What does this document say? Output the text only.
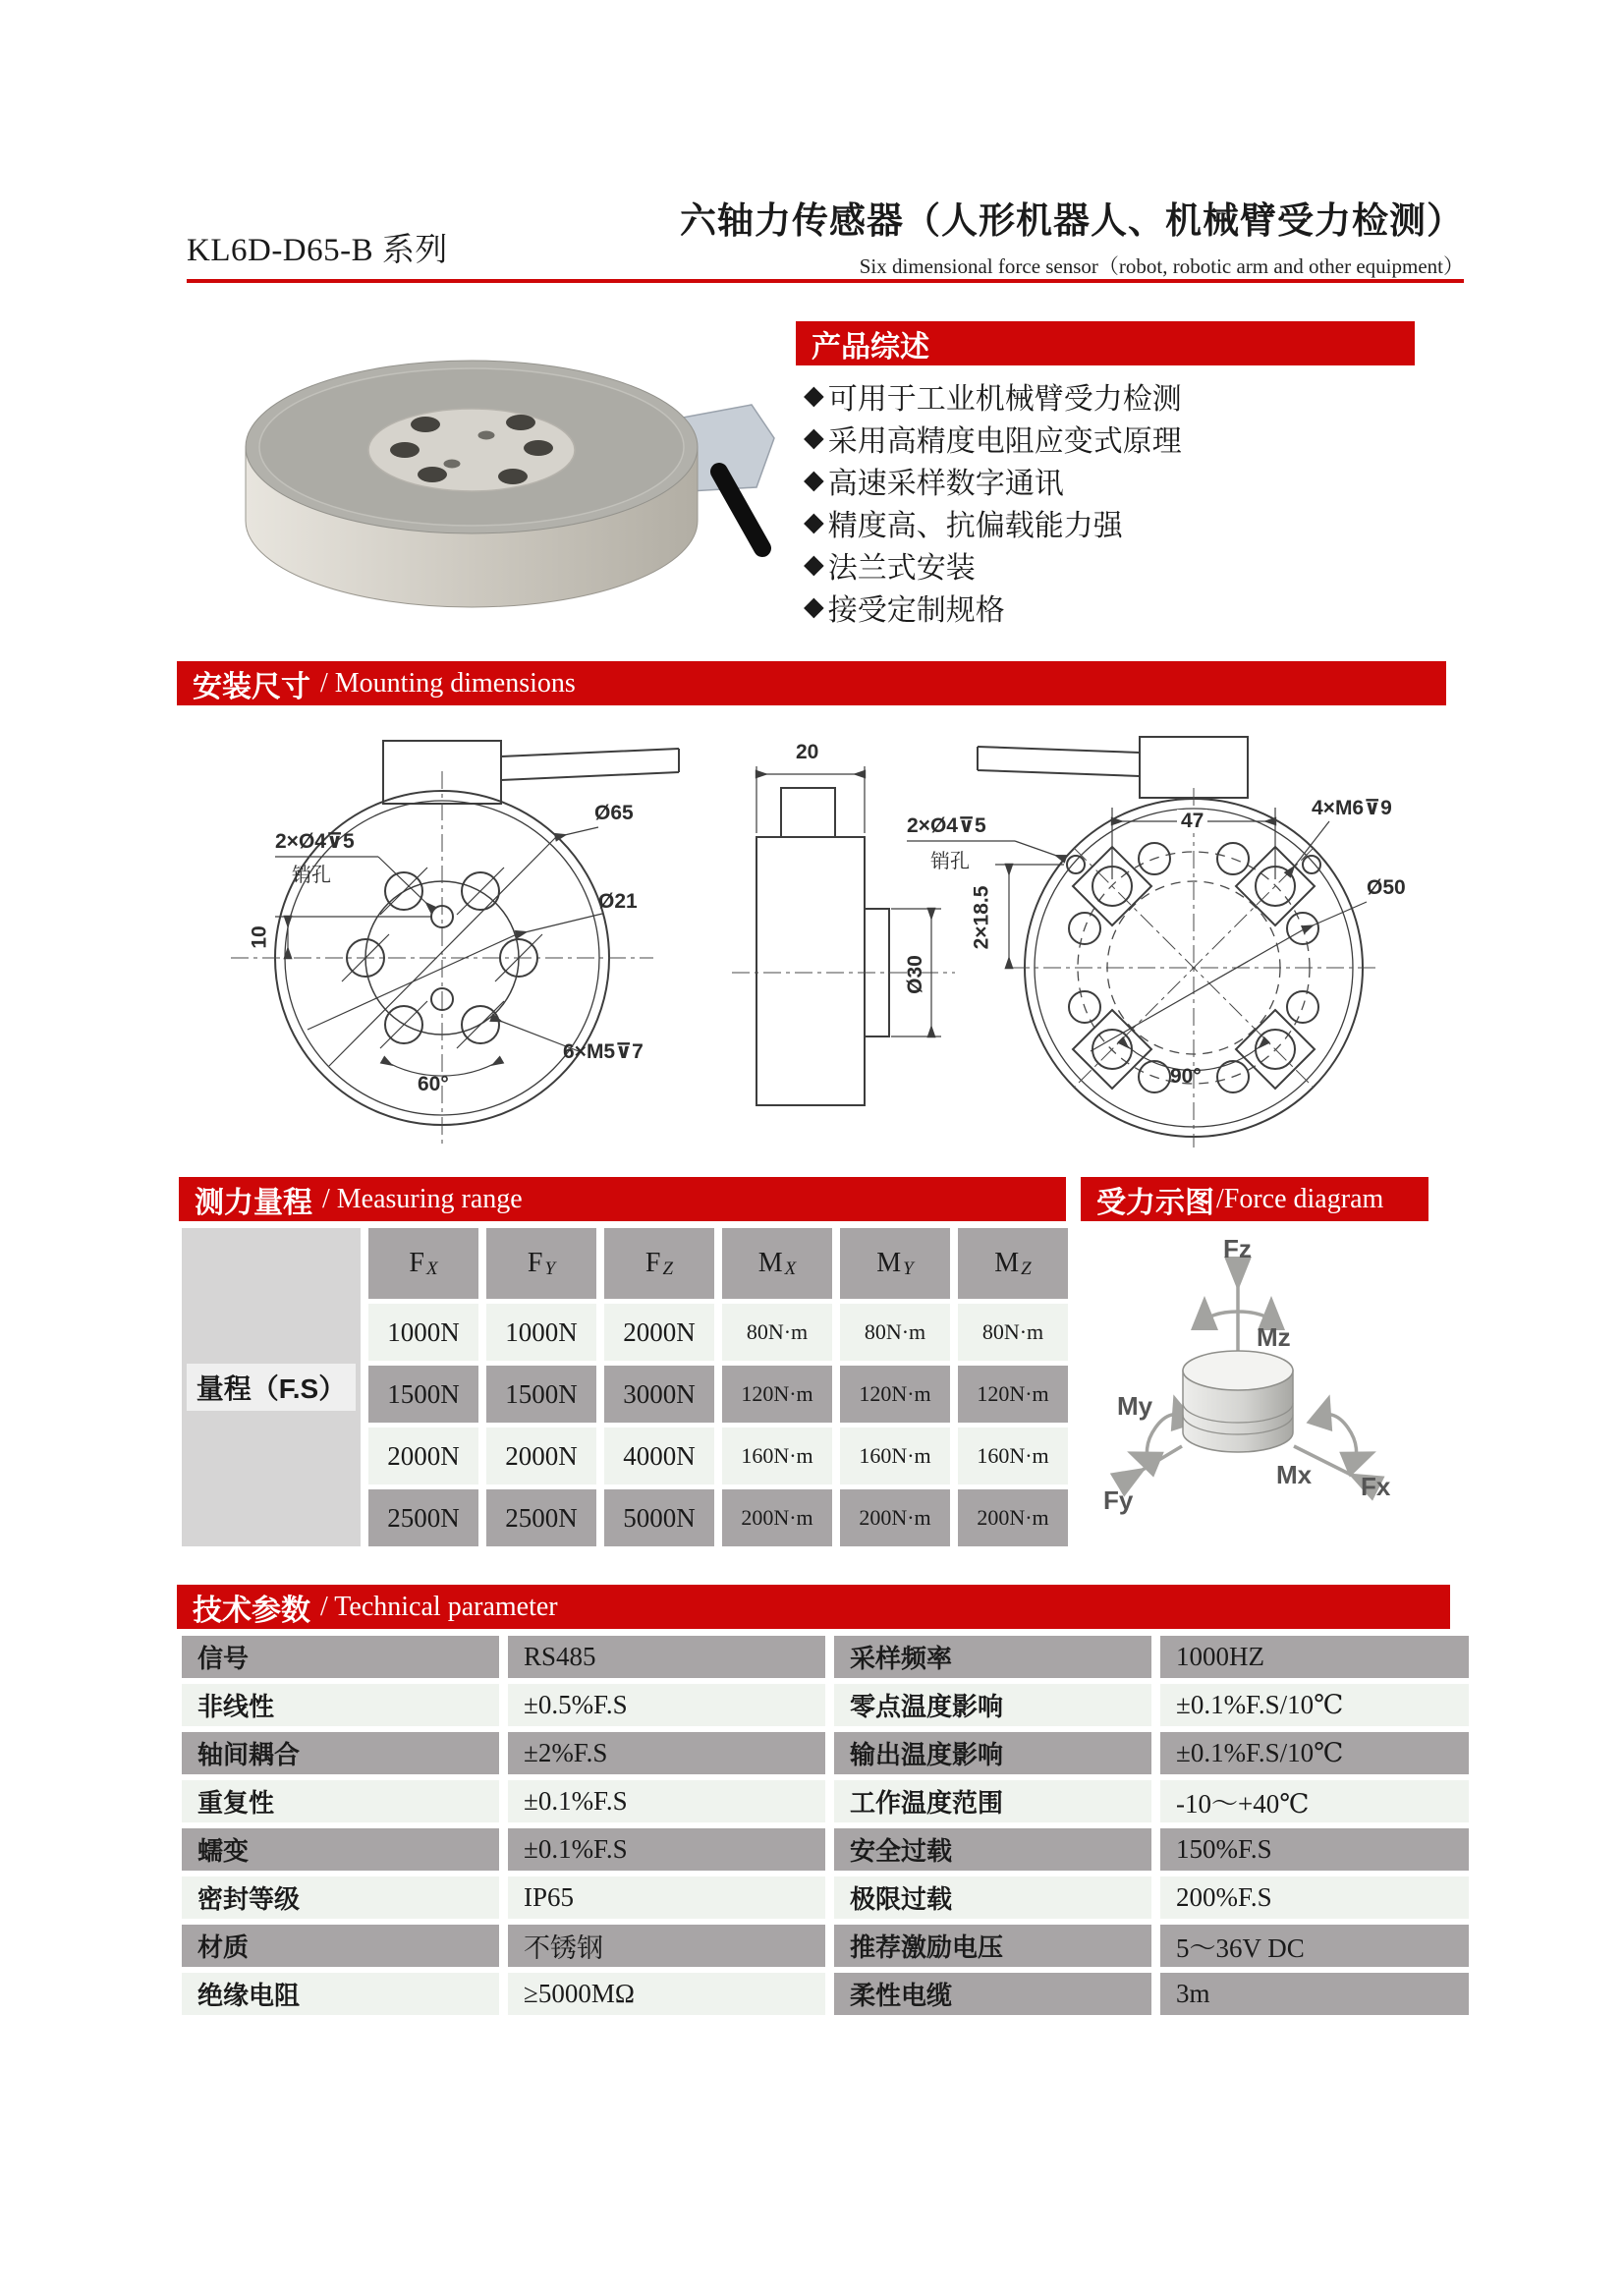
KL6D-D65-B 系列
六轴力传感器（人形机器人、机械臂受力检测）
Six dimensional force sensor（robot, robotic arm and other equipment）
产品综述
◆ 可用于工业机械臂受力检测
◆ 采用高精度电阻应变式原理
◆ 高速采样数字通讯
◆ 精度高、抗偏载能力强
◆ 法兰式安装
◆ 接受定制规格
安装尺寸 / Mounting dimensions
2×Ø4⊽5
销孔
Ø65
Ø21
10
60°
6×M5⊽7
20
Ø30
2×Ø4⊽5
销孔
47
4×M6⊽9
Ø50
2×18.5
90°
测力量程 / Measuring range
量程（F.S）
F X	F Y	F Z	M X	M Y	M Z
1000N	1000N	2000N	80N·m	80N·m	80N·m
1500N	1500N	3000N	120N·m	120N·m	120N·m
2000N	2000N	4000N	160N·m	160N·m	160N·m
2500N	2500N	5000N	200N·m	200N·m	200N·m
受力示图 /Force diagram
Fz
Mz
My
Fy
Mx Fx
技术参数 / Technical parameter
信号	RS485	采样频率	1000HZ
非线性	±0.5%F.S	零点温度影响	±0.1%F.S/10℃
轴间耦合	±2%F.S	输出温度影响	±0.1%F.S/10℃
重复性	±0.1%F.S	工作温度范围	-10～+40℃
蠕变	±0.1%F.S	安全过载	150%F.S
密封等级	IP65	极限过载	200%F.S
材质	不锈钢	推荐激励电压	5～36V DC
绝缘电阻	≥5000MΩ	柔性电缆	3m
